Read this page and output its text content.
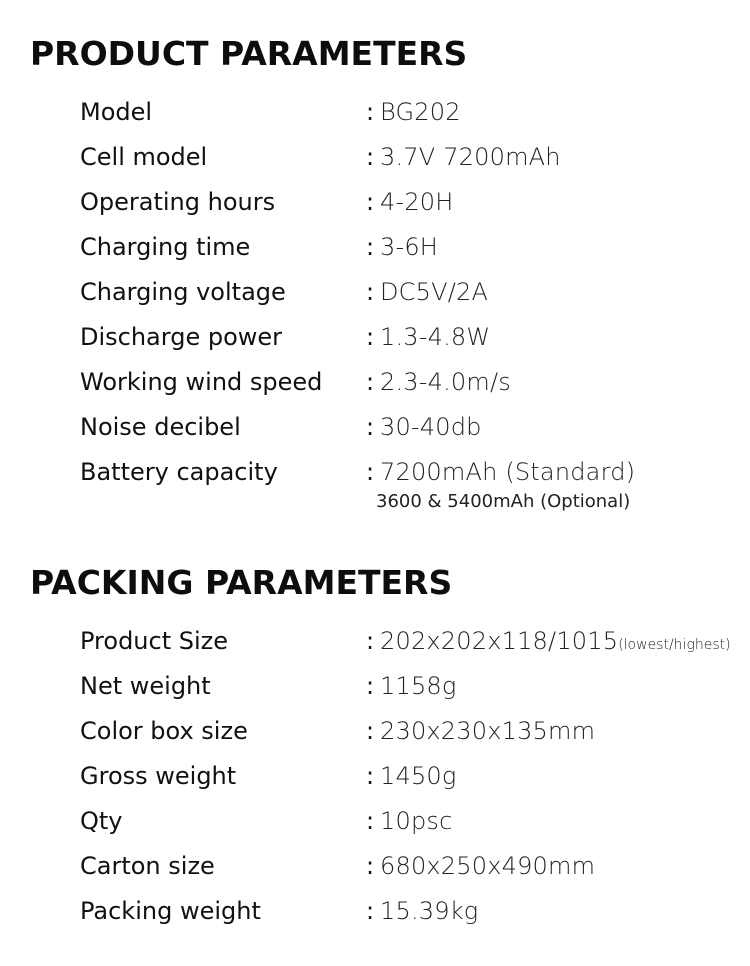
PRODUCT PARAMETERS
Model	: BG202
Cell model	: 3.7V 7200mAh
Operating hours	: 4-20H
Charging time	: 3-6H
Charging voltage	: DC5V/2A
Discharge power	: 1.3-4.8W
Working wind speed : 2.3-4.0m/s
Noise decibel	: 30-40db
Battery capacity	: 7200mAh (Standard)
3600 & 5400mAh (Optional)
PACKING PARAMETERS
Product Size	: 202x202x118/1015(lowest/highest)
Net weight	: 1158g
Color box size	: 230x230x135mm
Gross weight	: 1450g
Qty	: 10psc
Carton size	: 680x250x490mm
Packing weight	: 15.39kg
